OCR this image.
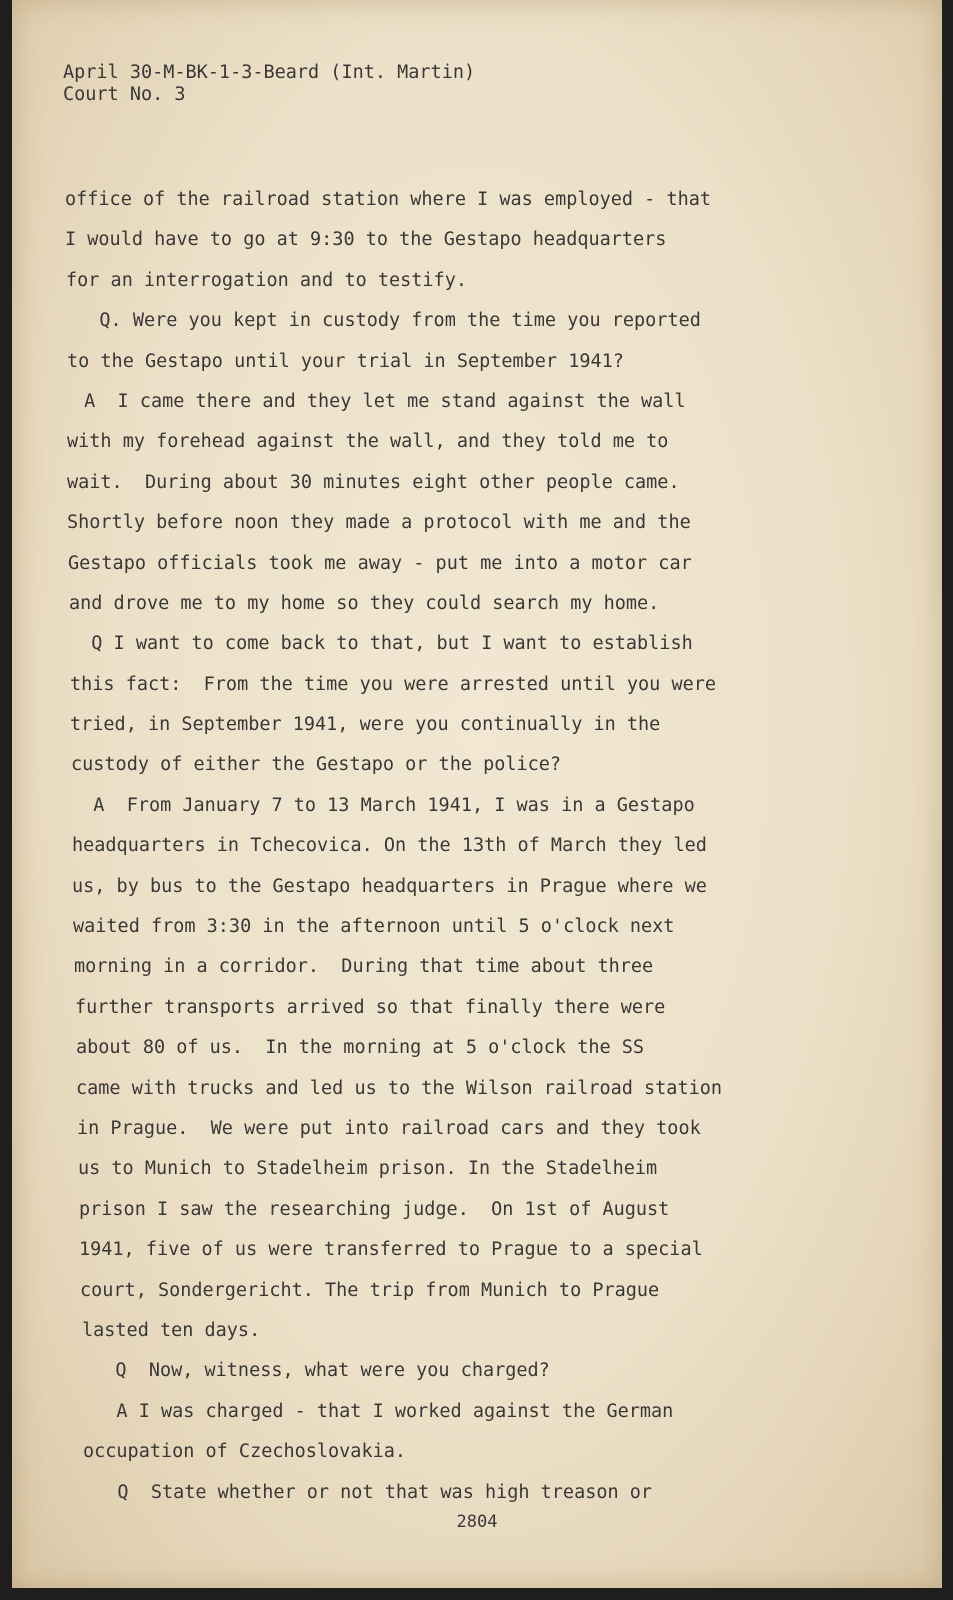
April 30-M-BK-1-3-Beard (Int. Martin)
Court No. 3
office of the railroad station where I was employed - that
I would have to go at 9:30 to the Gestapo headquarters
for an interrogation and to testify.
Q. Were you kept in custody from the time you reported
to the Gestapo until your trial in September 1941?
A  I came there and they let me stand against the wall
with my forehead against the wall, and they told me to
wait.  During about 30 minutes eight other people came.
Shortly before noon they made a protocol with me and the
Gestapo officials took me away - put me into a motor car
and drove me to my home so they could search my home.
Q I want to come back to that, but I want to establish
this fact:  From the time you were arrested until you were
tried, in September 1941, were you continually in the
custody of either the Gestapo or the police?
A  From January 7 to 13 March 1941, I was in a Gestapo
headquarters in Tchecovica. On the 13th of March they led
us, by bus to the Gestapo headquarters in Prague where we
waited from 3:30 in the afternoon until 5 o'clock next
morning in a corridor.  During that time about three
further transports arrived so that finally there were
about 80 of us.  In the morning at 5 o'clock the SS
came with trucks and led us to the Wilson railroad station
in Prague.  We were put into railroad cars and they took
us to Munich to Stadelheim prison. In the Stadelheim
prison I saw the researching judge.  On 1st of August
1941, five of us were transferred to Prague to a special
court, Sondergericht. The trip from Munich to Prague
lasted ten days.
Q  Now, witness, what were you charged?
A I was charged - that I worked against the German
occupation of Czechoslovakia.
Q  State whether or not that was high treason or
2804
